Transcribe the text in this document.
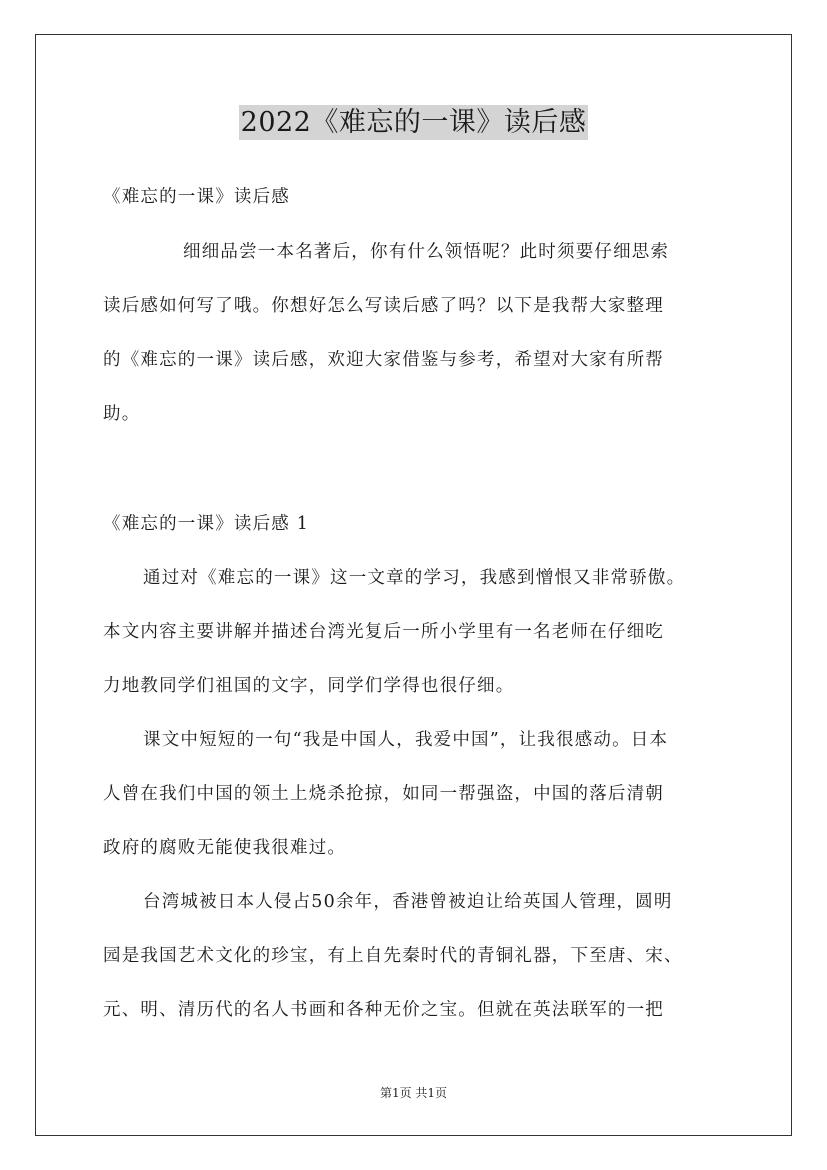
2022《难忘的一课》读后感
《难忘的一课》读后感
细细品尝一本名著后，你有什么领悟呢？此时须要仔细思索
读后感如何写了哦。你想好怎么写读后感了吗？以下是我帮大家整理
的《难忘的一课》读后感，欢迎大家借鉴与参考，希望对大家有所帮
助。
《难忘的一课》读后感 1
通过对《难忘的一课》这一文章的学习，我感到憎恨又非常骄傲。
本文内容主要讲解并描述台湾光复后一所小学里有一名老师在仔细吃
力地教同学们祖国的文字，同学们学得也很仔细。
课文中短短的一句“我是中国人，我爱中国”，让我很感动。日本
人曾在我们中国的领土上烧杀抢掠，如同一帮强盗，中国的落后清朝
政府的腐败无能使我很难过。
台湾城被日本人侵占50余年，香港曾被迫让给英国人管理，圆明
园是我国艺术文化的珍宝，有上自先秦时代的青铜礼器，下至唐、宋、
元、明、清历代的名人书画和各种无价之宝。但就在英法联军的一把
第1页 共1页
